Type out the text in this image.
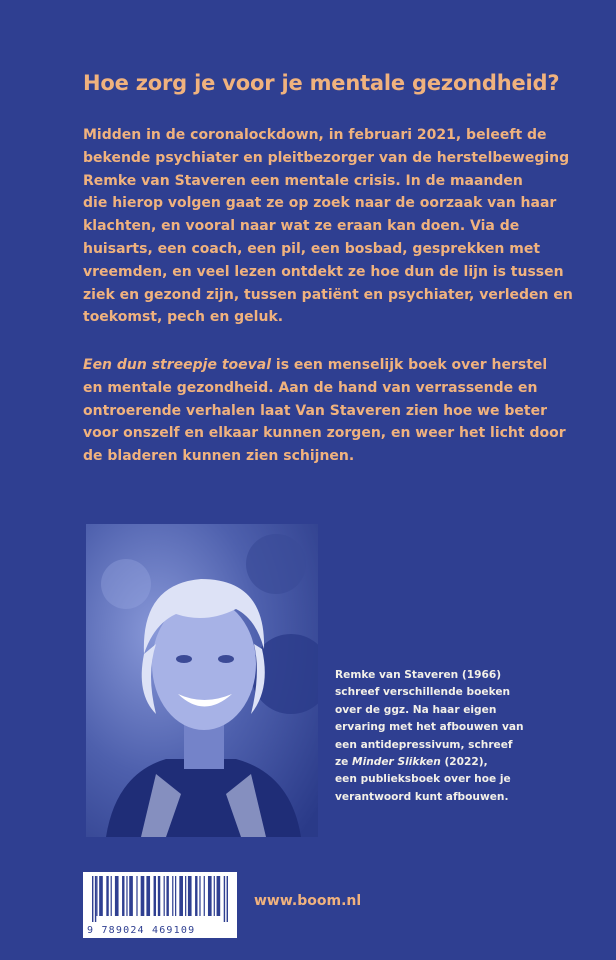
Hoe zorg je voor je mentale gezondheid?

Midden in de coronalockdown, in februari 2021, beleeft de
bekende psychiater en pleitbezorger van de herstelbeweging
Remke van Staveren een mentale crisis. In de maanden
die hierop volgen gaat ze op zoek naar de oorzaak van haar
klachten, en vooral naar wat ze eraan kan doen. Via de
huisarts, een coach, een pil, een bosbad, gesprekken met
vreemden, en veel lezen ontdekt ze hoe dun de lijn is tussen
ziek en gezond zijn, tussen patiënt en psychiater, verleden en
toekomst, pech en geluk.

Een dun streepje toeval is een menselijk boek over herstel
en mentale gezondheid. Aan de hand van verrassende en
ontroerende verhalen laat Van Staveren zien hoe we beter
voor onszelf en elkaar kunnen zorgen, en weer het licht door
de bladeren kunnen zien schijnen.

Remke van Staveren (1966)
schreef verschillende boeken
over de ggz. Na haar eigen
ervaring met het afbouwen van
een antidepressivum, schreef
ze Minder Slikken (2022),
een publieksboek over hoe je
verantwoord kunt afbouwen.

9 789024 469109

www.boom.nl
